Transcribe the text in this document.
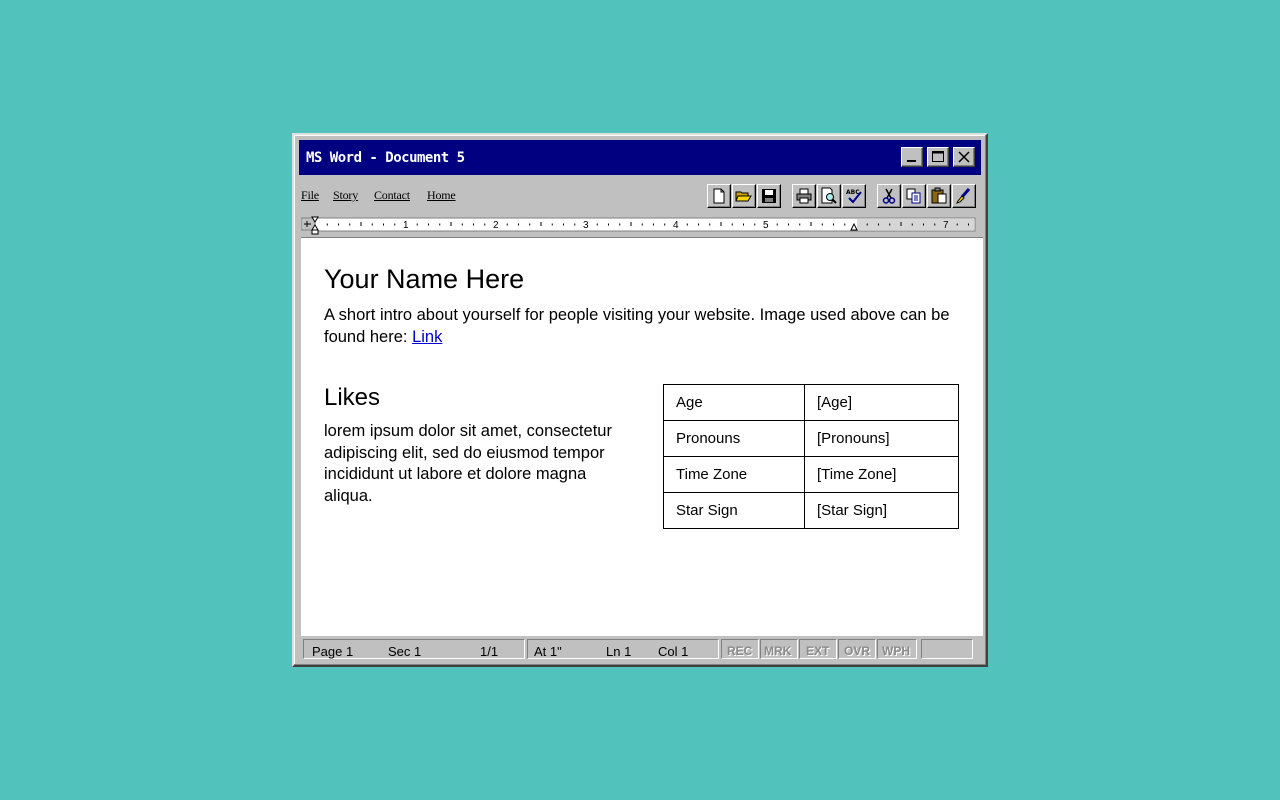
MS Word - Document 5
File Story Contact Home	ABC
1	2	3	4	5	7
Your Name Here

A short intro about yourself for people visiting your website. Image used above can be found here: Link

Likes

lorem ipsum dolor sit amet, consectetur adipiscing elit, sed do eiusmod tempor incididunt ut labore et dolore magna aliqua.

Age	[Age]
Pronouns	[Pronouns]
Time Zone	[Time Zone]
Star Sign	[Star Sign]
Page 1	Sec 1	1/1	At 1"	Ln 1 Col 1	REC MRK EXT OVR WPH
